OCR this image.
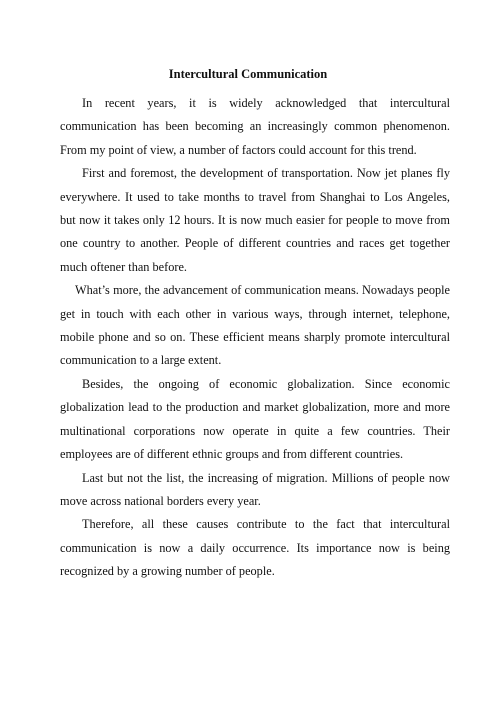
Intercultural Communication

In recent years, it is widely acknowledged that intercultural communication has been becoming an increasingly common phenomenon. From my point of view, a number of factors could account for this trend.

First and foremost, the development of transportation. Now jet planes fly everywhere. It used to take months to travel from Shanghai to Los Angeles, but now it takes only 12 hours. It is now much easier for people to move from one country to another. People of different countries and races get together much oftener than before.

What’s more, the advancement of communication means. Nowadays people get in touch with each other in various ways, through internet, telephone, mobile phone and so on. These efficient means sharply promote intercultural communication to a large extent.

Besides, the ongoing of economic globalization. Since economic globalization lead to the production and market globalization, more and more multinational corporations now operate in quite a few countries. Their employees are of different ethnic groups and from different countries.

Last but not the list, the increasing of migration. Millions of people now move across national borders every year.

Therefore, all these causes contribute to the fact that intercultural communication is now a daily occurrence. Its importance now is being recognized by a growing number of people.
